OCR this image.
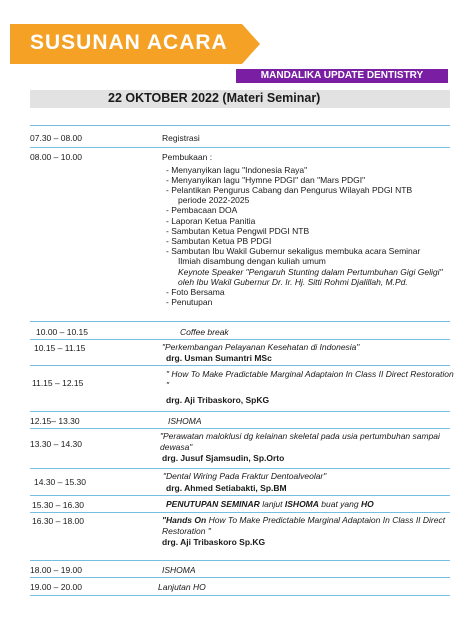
SUSUNAN ACARA
MANDALIKA UPDATE DENTISTRY
22 OKTOBER 2022 (Materi Seminar)
07.30 – 08.00	Registrasi
08.00 – 10.00	Pembukaan :
- Menyanyikan lagu "Indonesia Raya"
- Menyanyikan lagu "Hymne PDGI" dan "Mars PDGI"
- Pelantikan Pengurus Cabang dan Pengurus Wilayah PDGI NTB
periode 2022-2025
- Pembacaan DOA
- Laporan Ketua Panitia
- Sambutan Ketua Pengwil PDGI NTB
- Sambutan Ketua PB PDGI
- Sambutan Ibu Wakil Gubernur sekaligus membuka acara Seminar
Ilmiah disambung dengan kuliah umum
Keynote Speaker "Pengaruh Stunting dalam Pertumbuhan Gigi Geligi" oleh Ibu Wakil Gubernur Dr. Ir. Hj. Sitti Rohmi Djalillah, M.Pd.
- Foto Bersama
- Penutupan
10.00 – 10.15	Coffee break
10.15 – 11.15	"Perkembangan Pelayanan Kesehatan di Indonesia"
drg. Usman Sumantri MSc
11.15 – 12.15
" How To Make Pradictable Marginal Adaptaion In Class II Direct Restoration "
drg. Aji Tribaskoro, SpKG
12.15– 13.30	ISHOMA
13.30 – 14.30
"Perawatan maloklusi dg kelainan skeletal pada usia pertumbuhan sampai dewasa"
drg. Jusuf Sjamsudin, Sp.Orto
14.30 – 15.30
"Dental Wiring Pada Fraktur Dentoalveolar"
drg. Ahmed Setiabakti, Sp.BM
15.30 – 16.30	PENUTUPAN SEMINAR lanjut ISHOMA buat yang HO
16.30 – 18.00	"Hands On How To Make Predictable Marginal Adaptaion In Class II Direct Restoration "
drg. Aji Tribaskoro Sp.KG
18.00 – 19.00	ISHOMA
19.00 – 20.00	Lanjutan HO
